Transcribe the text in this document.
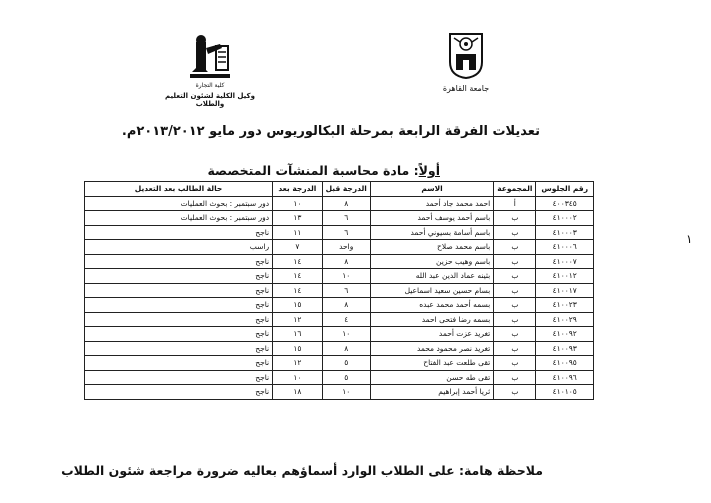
كلية التجارة
وكيل الكلية لشئون التعليم والطلاب
جامعة القاهرة
تعديلات الفرقة الرابعة بمرحلة البكالوريوس دور مايو ٢٠١٣/٢٠١٢م.
أولاً: مادة محاسبة المنشآت المتخصصة
١
رقم الجلوس	المجموعة	الاسم	الدرجة قبل	الدرجة بعد	حالة الطالب بعد التعديل
٤٠٠٣٤٥	أ	احمد محمد جاد أحمد	٨	١٠	دور سبتمبر : بحوث العمليات
٤١٠٠٠٢	ب	باسم أحمد يوسف أحمد	٦	١٣	دور سبتمبر : بحوث العمليات
٤١٠٠٠٣	ب	باسم أسامة بسيوني أحمد	٦	١١	ناجح
٤١٠٠٠٦	ب	باسم محمد صلاح	واحد	٧	راسب
٤١٠٠٠٧	ب	باسم وهيب حزين	٨	١٤	ناجح
٤١٠٠١٢	ب	بثينه عماد الدين عبد الله	١٠	١٤	ناجح
٤١٠٠١٧	ب	بسام حسين سعيد اسماعيل	٦	١٤	ناجح
٤١٠٠٢٣	ب	بسمه أحمد محمد عبده	٨	١٥	ناجح
٤١٠٠٢٩	ب	بسمه رضا فتحى احمد	٤	١٢	ناجح
٤١٠٠٩٢	ب	تغريد عزت أحمد	١٠	١٦	ناجح
٤١٠٠٩٣	ب	تغريد نصر محمود محمد	٨	١٥	ناجح
٤١٠٠٩٥	ب	تقى طلعت عبد الفتاح	٥	١٢	ناجح
٤١٠٠٩٦	ب	تقى طه حسن	٥	١٠	ناجح
٤١٠١٠٥	ب	ثريا أحمد إبراهيم	١٠	١٨	ناجح
ملاحظة هامة: على الطلاب الوارد أسماؤهم بعاليه ضرورة مراجعة شئون الطلاب
